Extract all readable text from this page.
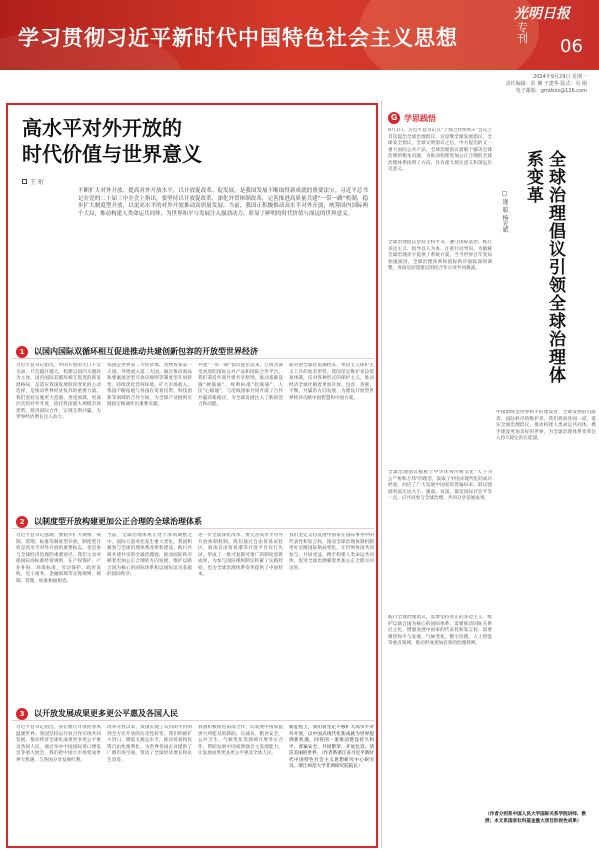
学习贯彻习近平新时代中国特色社会主义思想	专刊 06
光明日报
2024年9月29日 星期一
责任编辑：彭 琳 王建华 版式：吴 刚
电子邮箱：gmdszx@126.com
高水平对外开放的
时代价值与世界意义
王 珩
不断扩大对外开放、提高对外开放水平，以开放促改革、促发展，是我国发展不断取得新成就的重要法宝。习近平总书记在党的二十届三中全会上指出，要坚持以开放促改革，深化外贸体制改革，完善推进高质量共建“一带一路”机制，稳步扩大制度型开放，以更高水平的对外开放推动高质量发展。当前，我国正积极推动高水平对外开放，统筹国内国际两个大局，推动构建人类命运共同体，为世界和平与发展注入强劲动力，彰显了鲜明的时代价值与深远的世界意义。
1	以国内国际双循环相互促进推动共建创新包容的开放型世界经济
习近平总书记指出，中国开放的大门不会关闭，只会越开越大。构建以国内大循环为主体、国内国际双循环相互促进的新发展格局，是适应我国发展阶段变化的主动选择，是推动世界经济复苏的重要力量。我们坚持实施更大范围、更宽领域、更深层次的对外开放，依托我国超大规模市场优势，促进国际合作，实现互利共赢，为世界经济增长注入动力。
我国是世界第二大经济体、货物贸易第一大国、外资流入第二大国。通过推动商品和要素流动型开放向规则等制度型开放转变，持续优化营商环境，扩大市场准入，我国不断拓展与各国在贸易投资、科技创新等领域的合作空间，为全球产业链供应链稳定畅通作出重要贡献。
共建“一带一路”倡议提出以来，已成为深受欢迎的国际公共产品和国际合作平台。我们秉持共商共建共享原则，推动基础设施“硬联通”、规则标准“软联通”、人民“心联通”，与沿线国家共同开辟了合作共赢的新路径，为全球发展注入了新的活力和动能。
面对逆全球化思潮抬头、单边主义保护主义上升的复杂形势，我国坚定维护多边贸易体制，反对各种形式的保护主义，推动经济全球化朝着更加开放、包容、普惠、平衡、共赢的方向发展，为建设开放型世界经济贡献中国智慧和中国方案。
2	以制度型开放构建更加公正合理的全球治理体系
习近平总书记强调，要稳步扩大规则、规制、管理、标准等制度型开放。制度型开放是高水平对外开放的重要标志，也是参与全球经济治理的重要途径。我们主动对接国际高标准经贸规则，在产权保护、产业补贴、环境标准、劳动保护、政府采购、电子商务、金融领域等实现规则、规制、管理、标准相通相容。
当前，全球治理体系正处于深刻调整之中，国际力量对比发生重大变化。我国积极参与全球治理体系改革和建设，践行共商共建共享的全球治理观，推动国际秩序朝着更加公正合理的方向发展，维护以联合国为核心的国际体系和以国际法为基础的国际秩序。
进一步全面深化改革，要完善高水平对外开放体制机制。我们通过自由贸易试验区、海南自由贸易港等开放平台先行先试，形成了一批可复制可推广的制度创新成果，为参与国际规则制定积累了实践经验，也为全球治理体系变革提供了中国样本。
我们坚定支持发展中国家在国际事务中的代表性和发言权，推动全球治理体制机制更好反映国际格局变化，让世界各国共同参与、共同受益，携手构建人类命运共同体，促进全球治理朝着更加公正合理方向迈进。
3	以开放发展成果更多更公平惠及各国人民
习近平总书记指出，我们要让开放的春风温暖世界。我国坚持以开放合作实现共同发展，推动经济全球化成果更多更公平惠及各国人民。通过举办中国国际进口博览会等重大展会，我们把中国大市场变成世界大机遇，与各国分享发展红利。
改革开放以来，我国实现了从封闭半封闭到全方位开放的历史性转变。我们积极扩大进口，降低关税总水平，推动贸易和投资自由化便利化，为世界各国企业提供了广阔市场空间，带动了全球经济增长和民生改善。
我国积极推进南南合作，向发展中国家提供力所能及的援助，在减贫、粮食安全、公共卫生、气候变化等领域开展务实合作，帮助发展中国家增强自主发展能力，让发展成果更多更公平惠及全体人民。
新征程上，我们将坚定不移扩大高水平对外开放，以中国式现代化新成就为世界提供新机遇，同各国一道推动建设持久和平、普遍安全、共同繁荣、开放包容、清洁美丽的世界。（作者系浙江省习近平新时代中国特色社会主义思想研究中心研究员、浙江师范大学非洲研究院院长）
G 学思践悟
全球治理倡议引领全球治理体系变革
□ 逄 聪 杨光斌
9月1日，习近平总书记在“上海合作组织+”会议上首次提出全球治理倡议，这是继全球发展倡议、全球安全倡议、全球文明倡议之后，中方提出的又一重大国际公共产品。全球治理倡议着眼于解决全球治理的根本问题，为推动构建更加公正合理的全球治理体系指明了方向，具有重大现实意义和深远历史意义。
全球治理倡议坚持主权平等、遵守国际法治、践行多边主义、倡导以人为本、注重行动导向，为破解全球治理赤字提供了系统方案。当今世界百年变局加速演进，全球治理体系和国际秩序面临深刻调整，各国迫切需要以团结合作应对共同挑战。
全球治理倡议植根于中华优秀传统文化“天下为公”“协和万邦”的理念，汲取了中国式现代化的成功经验，回应了广大发展中国家的普遍诉求。倡议强调各国无论大小、强弱、贫富，都是国际社会平等一员，应共同参与全球治理、共同分享发展成果。
践行全球治理倡议，需要坚持真正的多边主义，维护以联合国为核心的国际体系；需要推动国际关系民主化，增强发展中国家的代表性和发言权；需要聚焦和平与发展、气候变化、数字治理、人工智能等重点领域，推动形成更加有效的治理规则。
中国始终是世界和平的建设者、全球发展的贡献者、国际秩序的维护者。我们将同各国一道，落实全球治理倡议，推动构建人类命运共同体，携手建设更加美好的世界，为全球治理体系变革注入持久稳定的正能量。
（作者分别系中国人民大学国际关系学院讲师、教授；本文系国家社科基金重大项目阶段性成果）
